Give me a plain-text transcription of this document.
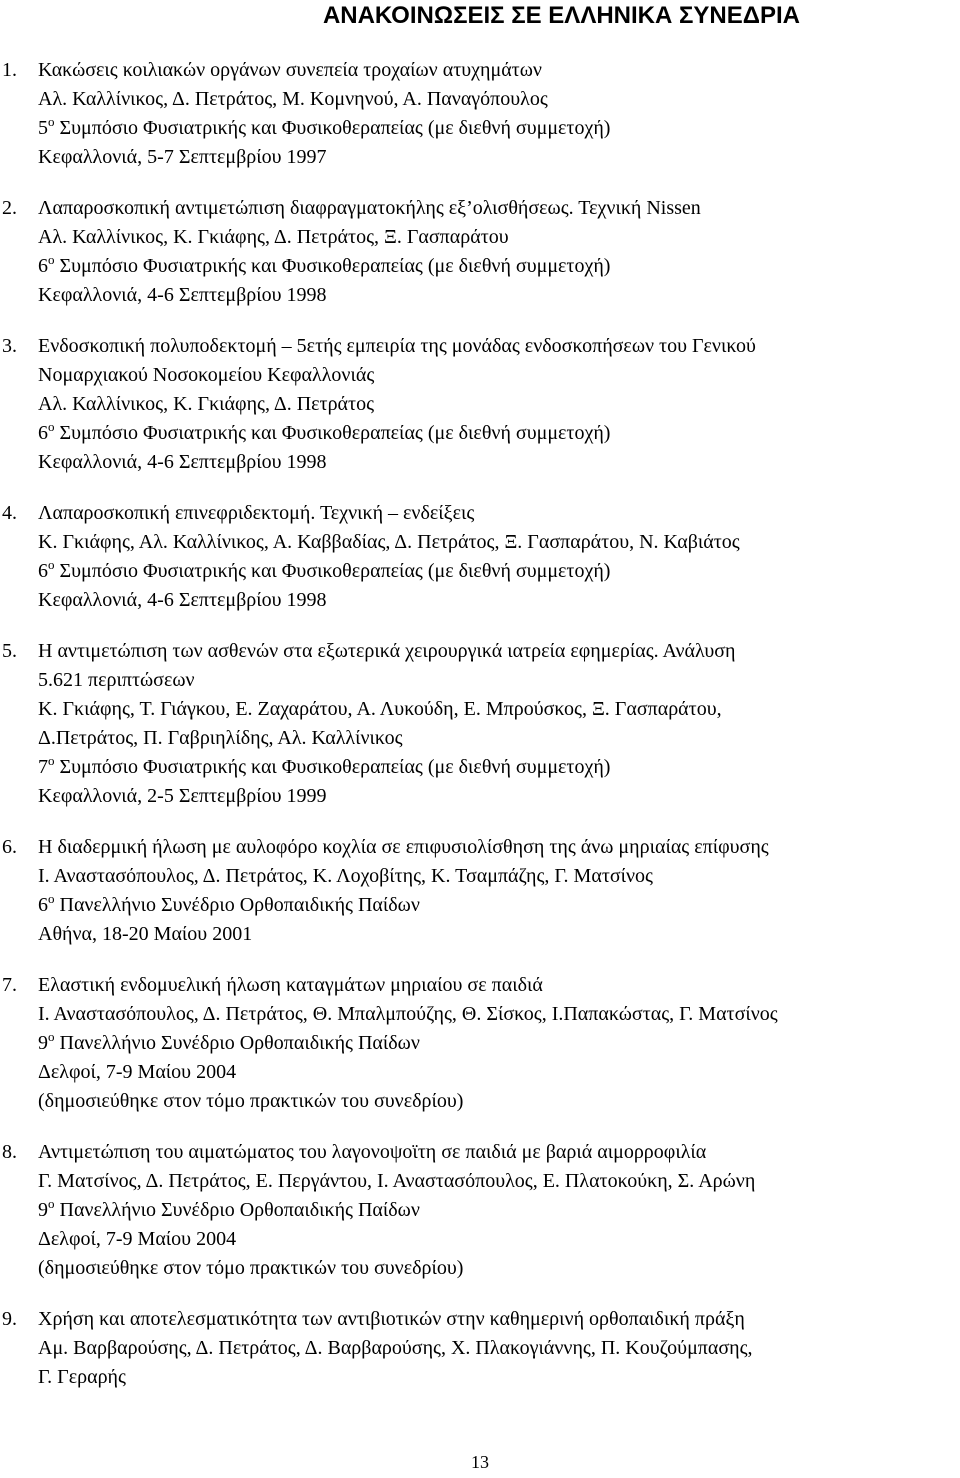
ΑΝΑΚΟΙΝΩΣΕΙΣ ΣΕ ΕΛΛΗΝΙΚΑ ΣΥΝΕΔΡΙΑ
1. Κακώσεις κοιλιακών οργάνων συνεπεία τροχαίων ατυχημάτων
Αλ. Καλλίνικος, Δ. Πετράτος, Μ. Κομνηνού, Α. Παναγόπουλος
$5^o$ Συμπόσιο Φυσιατρικής και Φυσικοθεραπείας (με διεθνή συμμετοχή)
Κεφαλλονιά, 5-7 Σεπτεμβρίου 1997
2. Λαπαροσκοπική αντιμετώπιση διαφραγματοκήλης εξ’ολισθήσεως. Τεχνική Nissen
Αλ. Καλλίνικος, Κ. Γκιάφης, Δ. Πετράτος, Ξ. Γασπαράτου
$6^o$ Συμπόσιο Φυσιατρικής και Φυσικοθεραπείας (με διεθνή συμμετοχή)
Κεφαλλονιά, 4-6 Σεπτεμβρίου 1998
3. Ενδοσκοπική πολυποδεκτομή – 5ετής εμπειρία της μονάδας ενδοσκοπήσεων του Γενικού
Νομαρχιακού Νοσοκομείου Κεφαλλονιάς
Αλ. Καλλίνικος, Κ. Γκιάφης, Δ. Πετράτος
$6^o$ Συμπόσιο Φυσιατρικής και Φυσικοθεραπείας (με διεθνή συμμετοχή)
Κεφαλλονιά, 4-6 Σεπτεμβρίου 1998
4. Λαπαροσκοπική επινεφριδεκτομή. Τεχνική – ενδείξεις
Κ. Γκιάφης, Αλ. Καλλίνικος, Α. Καββαδίας, Δ. Πετράτος, Ξ. Γασπαράτου, Ν. Καβιάτος
$6^o$ Συμπόσιο Φυσιατρικής και Φυσικοθεραπείας (με διεθνή συμμετοχή)
Κεφαλλονιά, 4-6 Σεπτεμβρίου 1998
5. Η αντιμετώπιση των ασθενών στα εξωτερικά χειρουργικά ιατρεία εφημερίας. Ανάλυση
5.621 περιπτώσεων
Κ. Γκιάφης, Τ. Γιάγκου, Ε. Ζαχαράτου, Α. Λυκούδη, Ε. Μπρούσκος, Ξ. Γασπαράτου,
Δ.Πετράτος, Π. Γαβριηλίδης, Αλ. Καλλίνικος
$7^o$ Συμπόσιο Φυσιατρικής και Φυσικοθεραπείας (με διεθνή συμμετοχή)
Κεφαλλονιά, 2-5 Σεπτεμβρίου 1999
6. Η διαδερμική ήλωση με αυλοφόρο κοχλία σε επιφυσιολίσθηση της άνω μηριαίας επίφυσης
Ι. Αναστασόπουλος, Δ. Πετράτος, Κ. Λοχοβίτης, Κ. Τσαμπάζης, Γ. Ματσίνος
$6^o$ Πανελλήνιο Συνέδριο Ορθοπαιδικής Παίδων
Αθήνα, 18-20 Μαίου 2001
7. Ελαστική ενδομυελική ήλωση καταγμάτων μηριαίου σε παιδιά
Ι. Αναστασόπουλος, Δ. Πετράτος, Θ. Μπαλμπούζης, Θ. Σίσκος, Ι.Παπακώστας, Γ. Ματσίνος
$9^o$ Πανελλήνιο Συνέδριο Ορθοπαιδικής Παίδων
Δελφοί, 7-9 Μαίου 2004
(δημοσιεύθηκε στον τόμο πρακτικών του συνεδρίου)
8. Αντιμετώπιση του αιματώματος του λαγονοψοϊτη σε παιδιά με βαριά αιμορροφιλία
Γ. Ματσίνος, Δ. Πετράτος, Ε. Περγάντου, Ι. Αναστασόπουλος, Ε. Πλατοκούκη, Σ. Αρώνη
$9^o$ Πανελλήνιο Συνέδριο Ορθοπαιδικής Παίδων
Δελφοί, 7-9 Μαίου 2004
(δημοσιεύθηκε στον τόμο πρακτικών του συνεδρίου)
9. Χρήση και αποτελεσματικότητα των αντιβιοτικών στην καθημερινή ορθοπαιδική πράξη
Αμ. Βαρβαρούσης, Δ. Πετράτος, Δ. Βαρβαρούσης, Χ. Πλακογιάννης, Π. Κουζούμπασης,
Γ. Γεραρής
13
